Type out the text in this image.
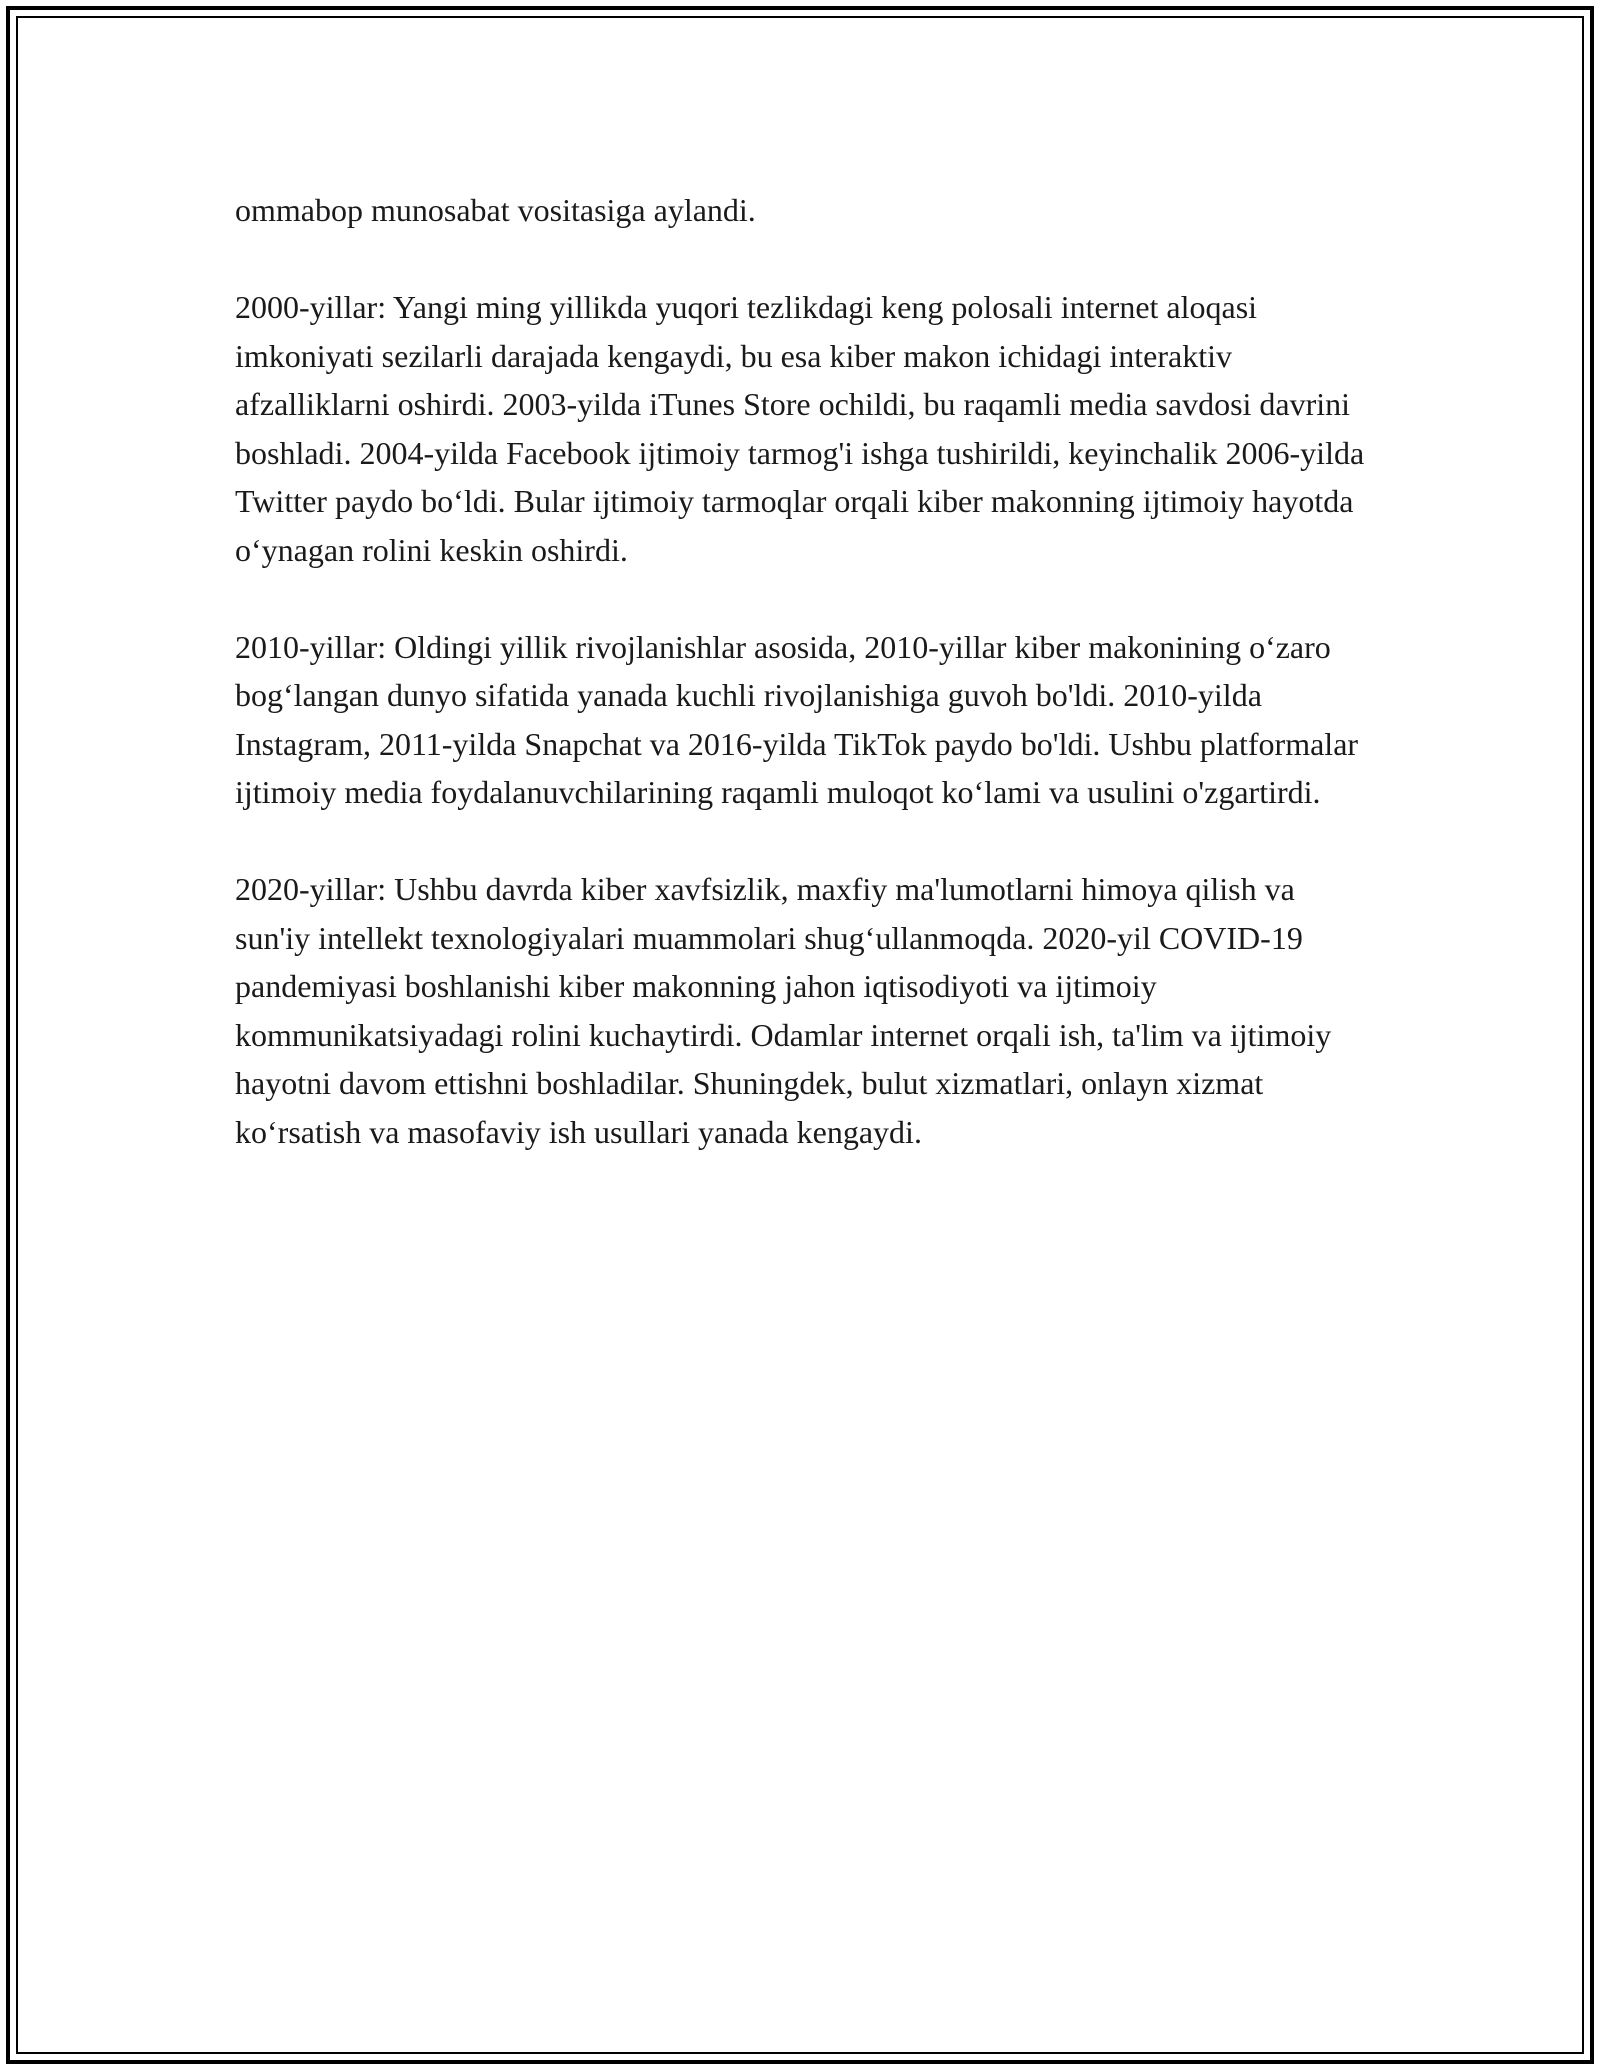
ommabop munosabat vositasiga aylandi.

2000-yillar: Yangi ming yillikda yuqori tezlikdagi keng polosali internet aloqasi imkoniyati sezilarli darajada kengaydi, bu esa kiber makon ichidagi interaktiv afzalliklarni oshirdi. 2003-yilda iTunes Store ochildi, bu raqamli media savdosi davrini boshladi. 2004-yilda Facebook ijtimoiy tarmog'i ishga tushirildi, keyinchalik 2006-yilda Twitter paydo bo‘ldi. Bular ijtimoiy tarmoqlar orqali kiber makonning ijtimoiy hayotda o‘ynagan rolini keskin oshirdi.

2010-yillar: Oldingi yillik rivojlanishlar asosida, 2010-yillar kiber makonining o‘zaro bog‘langan dunyo sifatida yanada kuchli rivojlanishiga guvoh bo'ldi. 2010-yilda Instagram, 2011-yilda Snapchat va 2016-yilda TikTok paydo bo'ldi. Ushbu platformalar ijtimoiy media foydalanuvchilarining raqamli muloqot ko‘lami va usulini o'zgartirdi.

2020-yillar: Ushbu davrda kiber xavfsizlik, maxfiy ma'lumotlarni himoya qilish va sun'iy intellekt texnologiyalari muammolari shug‘ullanmoqda. 2020-yil COVID-19 pandemiyasi boshlanishi kiber makonning jahon iqtisodiyoti va ijtimoiy kommunikatsiyadagi rolini kuchaytirdi. Odamlar internet orqali ish, ta'lim va ijtimoiy hayotni davom ettishni boshladilar. Shuningdek, bulut xizmatlari, onlayn xizmat ko‘rsatish va masofaviy ish usullari yanada kengaydi.
